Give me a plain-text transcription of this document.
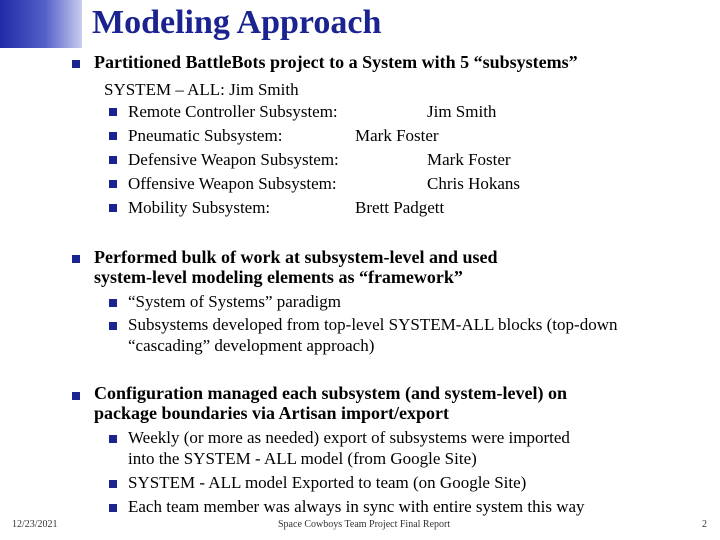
Modeling Approach
Partitioned BattleBots project to a System with 5 “subsystems”
SYSTEM – ALL: Jim Smith
Remote Controller Subsystem:	Jim Smith
Pneumatic Subsystem:	Mark Foster
Defensive Weapon Subsystem:	Mark Foster
Offensive Weapon Subsystem:	Chris Hokans
Mobility Subsystem:	Brett Padgett
Performed bulk of work at subsystem-level and used
system-level modeling elements as “framework”
“System of Systems” paradigm
Subsystems developed from top-level SYSTEM-ALL blocks (top-down
“cascading” development approach)
Configuration managed each subsystem (and system-level) on
package boundaries via Artisan import/export
Weekly (or more as needed) export of subsystems were imported
into the SYSTEM - ALL model (from Google Site)
SYSTEM - ALL model Exported to team (on Google Site)
Each team member was always in sync with entire system this way
12/23/2021	Space Cowboys Team Project Final Report	2
